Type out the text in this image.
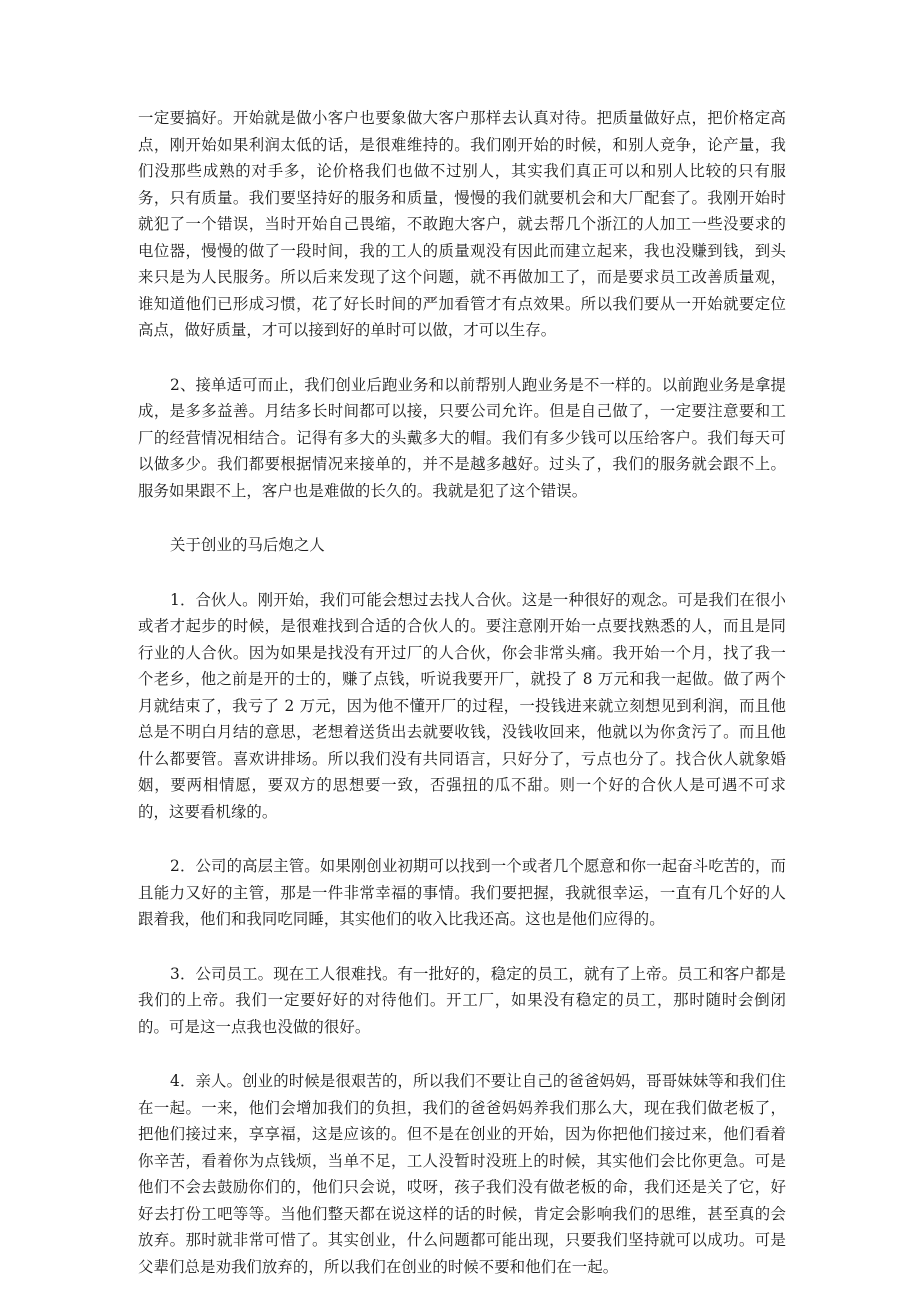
一定要搞好。开始就是做小客户也要象做大客户那样去认真对待。把质量做好点，把价格定高点，刚开始如果利润太低的话，是很难维持的。我们刚开始的时候，和别人竞争，论产量，我们没那些成熟的对手多，论价格我们也做不过别人，其实我们真正可以和别人比较的只有服务，只有质量。我们要坚持好的服务和质量，慢慢的我们就要机会和大厂配套了。我刚开始时就犯了一个错误，当时开始自己畏缩，不敢跑大客户，就去帮几个浙江的人加工一些没要求的电位器，慢慢的做了一段时间，我的工人的质量观没有因此而建立起来，我也没赚到钱，到头来只是为人民服务。所以后来发现了这个问题，就不再做加工了，而是要求员工改善质量观，谁知道他们已形成习惯，花了好长时间的严加看管才有点效果。所以我们要从一开始就要定位高点，做好质量，才可以接到好的单时可以做，才可以生存。

2、接单适可而止，我们创业后跑业务和以前帮别人跑业务是不一样的。以前跑业务是拿提成，是多多益善。月结多长时间都可以接，只要公司允许。但是自己做了，一定要注意要和工厂的经营情况相结合。记得有多大的头戴多大的帽。我们有多少钱可以压给客户。我们每天可以做多少。我们都要根据情况来接单的，并不是越多越好。过头了，我们的服务就会跟不上。服务如果跟不上，客户也是难做的长久的。我就是犯了这个错误。

关于创业的马后炮之人

1．合伙人。刚开始，我们可能会想过去找人合伙。这是一种很好的观念。可是我们在很小或者才起步的时候，是很难找到合适的合伙人的。要注意刚开始一点要找熟悉的人，而且是同行业的人合伙。因为如果是找没有开过厂的人合伙，你会非常头痛。我开始一个月，找了我一个老乡，他之前是开的士的，赚了点钱，听说我要开厂，就投了 8 万元和我一起做。做了两个月就结束了，我亏了 2 万元，因为他不懂开厂的过程，一投钱进来就立刻想见到利润，而且他总是不明白月结的意思，老想着送货出去就要收钱，没钱收回来，他就以为你贪污了。而且他什么都要管。喜欢讲排场。所以我们没有共同语言，只好分了，亏点也分了。找合伙人就象婚姻，要两相情愿，要双方的思想要一致，否强扭的瓜不甜。则一个好的合伙人是可遇不可求的，这要看机缘的。

2．公司的高层主管。如果刚创业初期可以找到一个或者几个愿意和你一起奋斗吃苦的，而且能力又好的主管，那是一件非常幸福的事情。我们要把握，我就很幸运，一直有几个好的人跟着我，他们和我同吃同睡，其实他们的收入比我还高。这也是他们应得的。

3．公司员工。现在工人很难找。有一批好的，稳定的员工，就有了上帝。员工和客户都是我们的上帝。我们一定要好好的对待他们。开工厂，如果没有稳定的员工，那时随时会倒闭的。可是这一点我也没做的很好。

4．亲人。创业的时候是很艰苦的，所以我们不要让自己的爸爸妈妈，哥哥妹妹等和我们住在一起。一来，他们会增加我们的负担，我们的爸爸妈妈养我们那么大，现在我们做老板了，把他们接过来，享享福，这是应该的。但不是在创业的开始，因为你把他们接过来，他们看着你辛苦，看着你为点钱烦，当单不足，工人没暂时没班上的时候，其实他们会比你更急。可是他们不会去鼓励你们的，他们只会说，哎呀，孩子我们没有做老板的命，我们还是关了它，好好去打份工吧等等。当他们整天都在说这样的话的时候，肯定会影响我们的思维，甚至真的会放弃。那时就非常可惜了。其实创业，什么问题都可能出现，只要我们坚持就可以成功。可是父辈们总是劝我们放弃的，所以我们在创业的时候不要和他们在一起。
